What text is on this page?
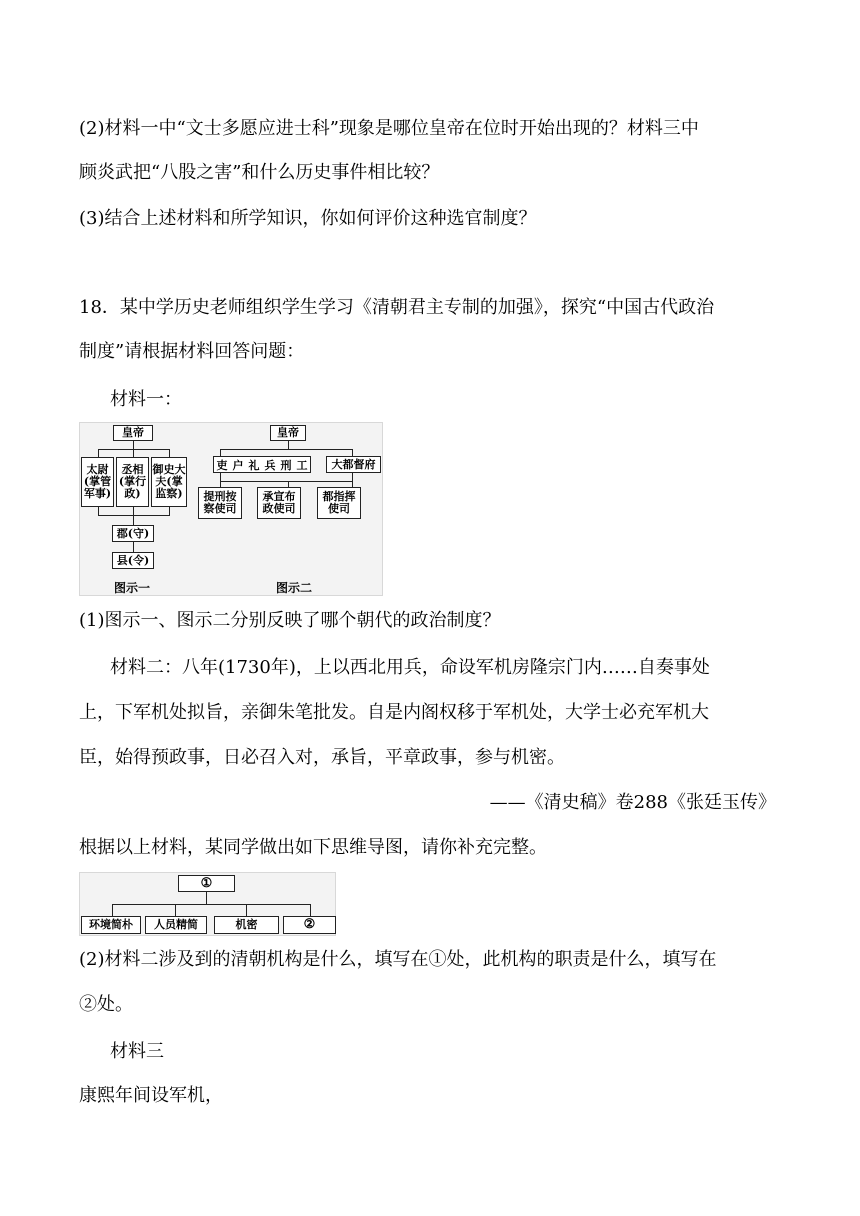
(2)材料一中“文士多愿应进士科”现象是哪位皇帝在位时开始出现的？材料三中
顾炎武把“八股之害”和什么历史事件相比较？
(3)结合上述材料和所学知识，你如何评价这种选官制度？
18．某中学历史老师组织学生学习《清朝君主专制的加强》，探究“中国古代政治
制度”请根据材料回答问题：
材料一：
皇帝
太尉(掌管军事)
丞相(掌行政)
御史大夫(掌监察)
郡(守)
县(令)
图示一
皇帝
吏 户 礼 兵 刑 工	大都督府
提刑按察使司
承宣布政使司
都指挥使司
图示二
(1)图示一、图示二分别反映了哪个朝代的政治制度？
材料二：八年(1730年)，上以西北用兵，命设军机房隆宗门内……自奏事处
上，下军机处拟旨，亲御朱笔批发。自是内阁权移于军机处，大学士必充军机大
臣，始得预政事，日必召入对，承旨，平章政事，参与机密。
——《清史稿》卷288《张廷玉传》
根据以上材料，某同学做出如下思维导图，请你补充完整。
①
环境简朴	人员精简	机密	②
(2)材料二涉及到的清朝机构是什么，填写在①处，此机构的职责是什么，填写在
②处。
材料三
康熙年间设军机，
